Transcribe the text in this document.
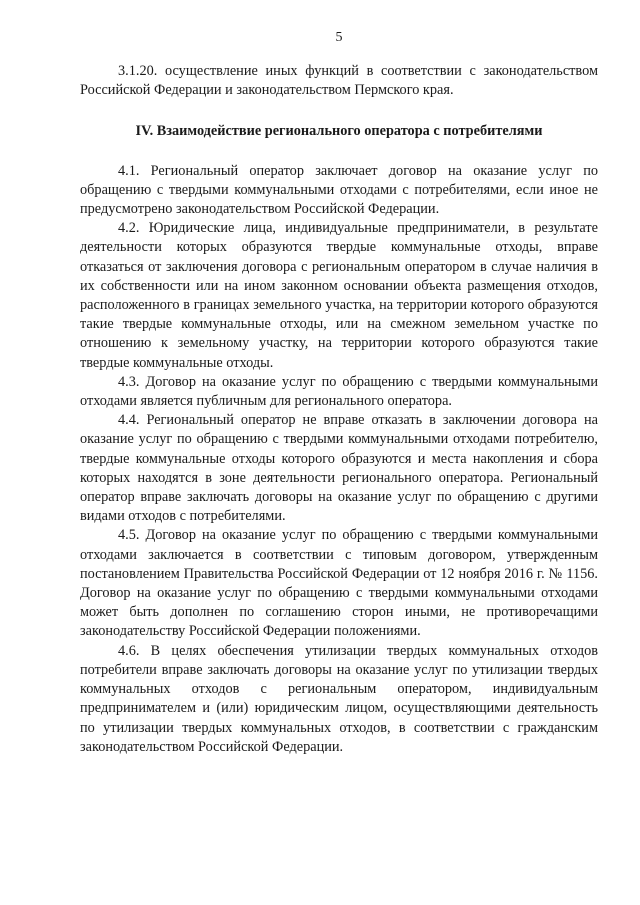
5

3.1.20. осуществление иных функций в соответствии с законодательством Российской Федерации и законодательством Пермского края.

IV. Взаимодействие регионального оператора с потребителями

4.1. Региональный оператор заключает договор на оказание услуг по обращению с твердыми коммунальными отходами с потребителями, если иное не предусмотрено законодательством Российской Федерации.

4.2. Юридические лица, индивидуальные предприниматели, в результате деятельности которых образуются твердые коммунальные отходы, вправе отказаться от заключения договора с региональным оператором в случае наличия в их собственности или на ином законном основании объекта размещения отходов, расположенного в границах земельного участка, на территории которого образуются такие твердые коммунальные отходы, или на смежном земельном участке по отношению к земельному участку, на территории которого образуются такие твердые коммунальные отходы.

4.3. Договор на оказание услуг по обращению с твердыми коммунальными отходами является публичным для регионального оператора.

4.4. Региональный оператор не вправе отказать в заключении договора на оказание услуг по обращению с твердыми коммунальными отходами потребителю, твердые коммунальные отходы которого образуются и места накопления и сбора которых находятся в зоне деятельности регионального оператора. Региональный оператор вправе заключать договоры на оказание услуг по обращению с другими видами отходов с потребителями.

4.5. Договор на оказание услуг по обращению с твердыми коммунальными отходами заключается в соответствии с типовым договором, утвержденным постановлением Правительства Российской Федерации от 12 ноября 2016 г. № 1156. Договор на оказание услуг по обращению с твердыми коммунальными отходами может быть дополнен по соглашению сторон иными, не противоречащими законодательству Российской Федерации положениями.

4.6. В целях обеспечения утилизации твердых коммунальных отходов потребители вправе заключать договоры на оказание услуг по утилизации твердых коммунальных отходов с региональным оператором, индивидуальным предпринимателем и (или) юридическим лицом, осуществляющими деятельность по утилизации твердых коммунальных отходов, в соответствии с гражданским законодательством Российской Федерации.
